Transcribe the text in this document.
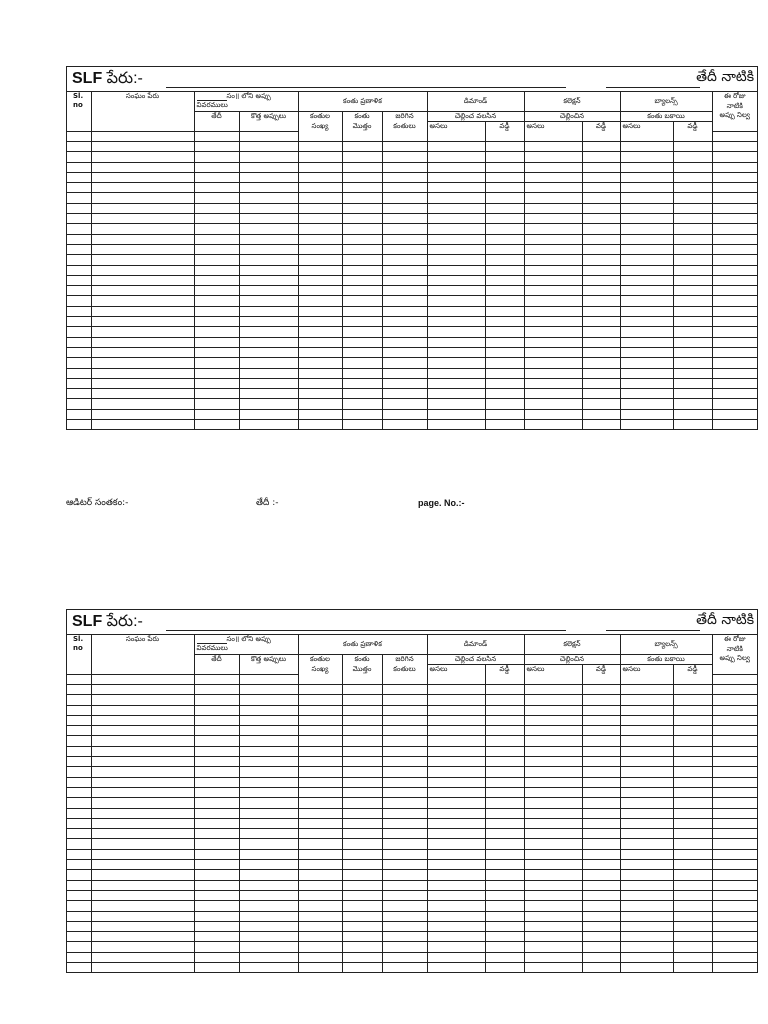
SLF పేరు:-	తేదీ నాటికి
Sl. no	సంఘం పేరు	సం॥ లోని అప్పు		కంతు ప్రణాళిక			డిమాండ్		కలెక్షన్		బ్యాలన్స్		ఈ రోజు
		వివరములు											నాటికి
		తేదీ	కొత్త అప్పులు	కంతుల	కంతు	జరిగిన	చెల్లించ వలసిన		చెల్లించిన		కంతు బకాయి		అప్పు నిల్వ
				సంఖ్య	మొత్తం	కంతులు	అసలు	వడ్డీ	అసలు	వడ్డీ	అసలు	వడ్డీ	

ఆడిటర్ సంతకం:-	తేదీ :-	page. No.:-
SLF పేరు:-	తేదీ నాటికి
Sl. no	సంఘం పేరు	సం॥ లోని అప్పు		కంతు ప్రణాళిక			డిమాండ్		కలెక్షన్		బ్యాలన్స్		ఈ రోజు
		వివరములు											నాటికి
		తేదీ	కొత్త అప్పులు	కంతుల	కంతు	జరిగిన	చెల్లించ వలసిన		చెల్లించిన		కంతు బకాయి		అప్పు నిల్వ
				సంఖ్య	మొత్తం	కంతులు	అసలు	వడ్డీ	అసలు	వడ్డీ	అసలు	వడ్డీ	
